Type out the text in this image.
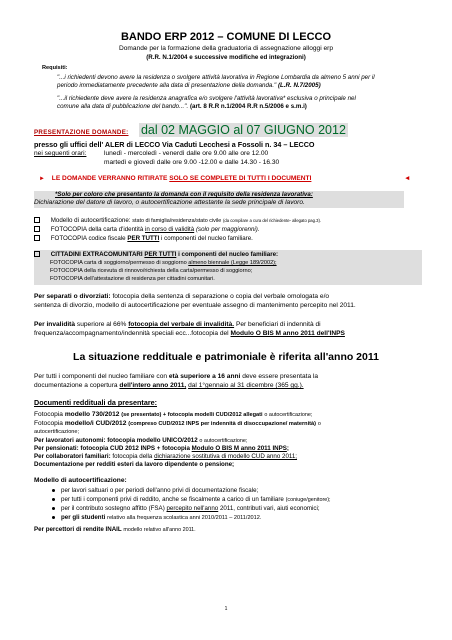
BANDO ERP 2012 – COMUNE DI LECCO
Domande per la formazione della graduatoria di assegnazione alloggi erp
(R.R. N.1/2004 e successive modifiche ed integrazioni)
Requisiti:
"...i richiedenti devono avere la residenza o svolgere attività lavorativa in Regione Lombardia da almeno 5 anni per il
periodo immediatamente precedente alla data di presentazione della domanda." (L.R. N.7/2005)
"...il richiedente deve avere la residenza anagrafica e/o svolgere l'attività lavorativa* esclusiva o principale nel
comune alla data di pubblicazione del bando...". (art. 8 R.R n.1/2004 R.R n.5/2006 e s.m.i)
PRESENTAZIONE DOMANDE: dal 02 MAGGIO al 07 GIUGNO 2012
presso gli uffici dell' ALER di LECCO Via Caduti Lecchesi a Fossoli n. 34 – LECCO
nei seguenti orari:	lunedì - mercoledì - venerdì dalle ore 9.00 alle ore 12.00
martedì e giovedì dalle ore 9.00 -12.00 e dalle 14.30 - 16.30
► LE DOMANDE VERRANNO RITIRATE SOLO SE COMPLETE DI TUTTI I DOCUMENTI	◄
*Solo per coloro che presentanto la domanda con il requisito della residenza lavorativa:
Dichiarazione del datore di lavoro, o autocertificazione attestante la sede principale di lavoro.
Modello di autocertificazione: stato di famiglia/residenza/stato civile (da compilare a cura del richiedente- allegato pag.3).
FOTOCOPIA della carta d'identità in corso di validità (solo per maggiorenni).
FOTOCOPIA codice fiscale PER TUTTI i componenti del nucleo familiare.
CITTADINI EXTRACOMUNITARI PER TUTTI i componenti del nucleo familiare:
FOTOCOPIA carta di soggiorno/permesso di soggiorno almeno biennale (Legge 189/2002);
FOTOCOPIA della ricevuta di rinnovo/richiesta della carta/permesso di soggiorno;
FOTOCOPIA dell'attestazione di residenza per cittadini comunitari.
Per separati o divorziati: fotocopia della sentenza di separazione o copia del verbale omologata e/o
sentenza di divorzio, modello di autocertificazione per eventuale assegno di mantenimento percepito nel 2011.
Per invalidità superiore al 66% fotocopia del verbale di invalidità. Per beneficiari di indennità di
frequenza/accompagnamento/indennità speciali ecc...fotocopia del Modulo O BIS M anno 2011 dell'INPS
La situazione reddituale e patrimoniale è riferita all'anno 2011
Per tutti i componenti del nucleo familiare con età superiore a 16 anni deve essere presentata la
documentazione a copertura dell'intero anno 2011, dal 1°gennaio al 31 dicembre (365 gg.).
Documenti reddituali da presentare:
Fotocopia modello 730/2012 (se presentato) + fotocopia modelli CUD/2012 allegati o autocertificazione;
Fotocopia modello/i CUD/2012 (compreso CUD/2012 INPS per indennità di disoccupazione/ maternità) o
autocertificazione;
Per lavoratori autonomi: fotocopia modello UNICO/2012 o autocertificazione;
Per pensionati: fotocopia CUD 2012 INPS + fotocopia Modulo O BIS M anno 2011 INPS;
Per collaboratori familiari: fotocopia della dichiarazione sostitutiva di modello CUD anno 2011;
Documentazione per redditi esteri da lavoro dipendente o pensione;
Modello di autocertificazione:
per lavori saltuari o per periodi dell'anno privi di documentazione fiscale;
per tutti i componenti privi di reddito, anche se fiscalmente a carico di un familiare (coniuge/genitore);
per il contributo sostegno affitto (FSA) percepito nell'anno 2011, contributi vari, aiuti economici;
per gli studenti relativo alla frequenza scolastica anni 2010/2011 – 2011/2012.
Per percettori di rendite INAIL modello relativo all'anno 2011.
1
